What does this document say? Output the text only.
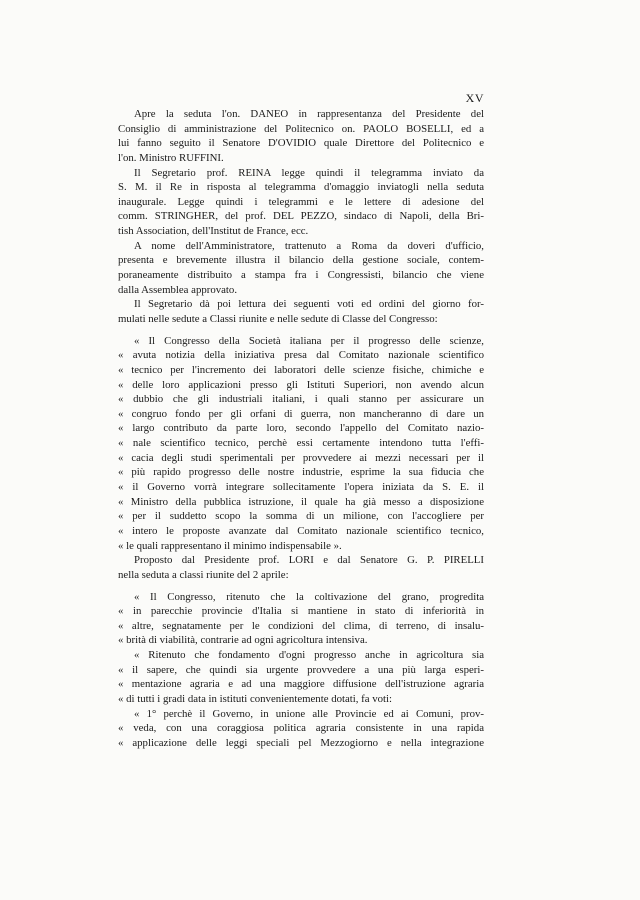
XV
Apre la seduta l'on. DANEO in rappresentanza del Presidente del
Consiglio di amministrazione del Politecnico on. PAOLO BOSELLI, ed a
lui fanno seguito il Senatore D'OVIDIO quale Direttore del Politecnico e
l'on. Ministro RUFFINI.
Il Segretario prof. REINA legge quindi il telegramma inviato da
S. M. il Re in risposta al telegramma d'omaggio inviatogli nella seduta
inaugurale. Legge quindi i telegrammi e le lettere di adesione del
comm. STRINGHER, del prof. DEL PEZZO, sindaco di Napoli, della Bri-
tish Association, dell'Institut de France, ecc.
A nome dell'Amministratore, trattenuto a Roma da doveri d'ufficio,
presenta e brevemente illustra il bilancio della gestione sociale, contem-
poraneamente distribuito a stampa fra i Congressisti, bilancio che viene
dalla Assemblea approvato.
Il Segretario dà poi lettura dei seguenti voti ed ordini del giorno for-
mulati nelle sedute a Classi riunite e nelle sedute di Classe del Congresso:
« Il Congresso della Società italiana per il progresso delle scienze,
« avuta notizia della iniziativa presa dal Comitato nazionale scientifico
« tecnico per l'incremento dei laboratori delle scienze fisiche, chimiche e
« delle loro applicazioni presso gli Istituti Superiori, non avendo alcun
« dubbio che gli industriali italiani, i quali stanno per assicurare un
« congruo fondo per gli orfani di guerra, non mancheranno di dare un
« largo contributo da parte loro, secondo l'appello del Comitato nazio-
« nale scientifico tecnico, perchè essi certamente intendono tutta l'effi-
« cacia degli studi sperimentali per provvedere ai mezzi necessari per il
« più rapido progresso delle nostre industrie, esprime la sua fiducia che
« il Governo vorrà integrare sollecitamente l'opera iniziata da S. E. il
« Ministro della pubblica istruzione, il quale ha già messo a disposizione
« per il suddetto scopo la somma di un milione, con l'accogliere per
« intero le proposte avanzate dal Comitato nazionale scientifico tecnico,
« le quali rappresentano il minimo indispensabile ».
Proposto dal Presidente prof. LORI e dal Senatore G. P. PIRELLI
nella seduta a classi riunite del 2 aprile:
« Il Congresso, ritenuto che la coltivazione del grano, progredita
« in parecchie provincie d'Italia si mantiene in stato di inferiorità in
« altre, segnatamente per le condizioni del clima, di terreno, di insalu-
« brità di viabilità, contrarie ad ogni agricoltura intensiva.
« Ritenuto che fondamento d'ogni progresso anche in agricoltura sia
« il sapere, che quindi sia urgente provvedere a una più larga esperi-
« mentazione agraria e ad una maggiore diffusione dell'istruzione agraria
« di tutti i gradi data in istituti convenientemente dotati, fa voti:
« 1° perchè il Governo, in unione alle Provincie ed ai Comuni, prov-
« veda, con una coraggiosa politica agraria consistente in una rapida
« applicazione delle leggi speciali pel Mezzogiorno e nella integrazione
